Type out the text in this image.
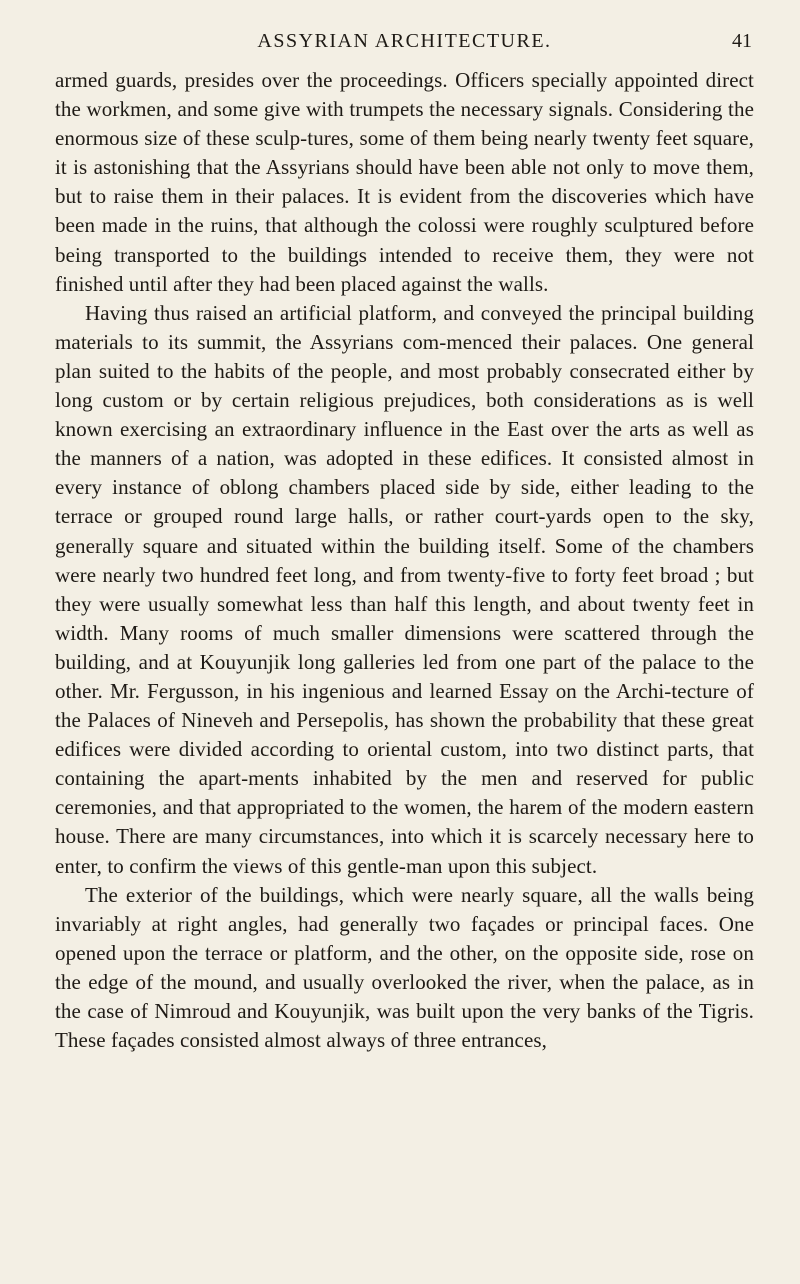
ASSYRIAN ARCHITECTURE.	41

armed guards, presides over the proceedings. Officers specially appointed direct the workmen, and some give with trumpets the necessary signals. Considering the enormous size of these sculp-tures, some of them being nearly twenty feet square, it is astonishing that the Assyrians should have been able not only to move them, but to raise them in their palaces. It is evident from the discoveries which have been made in the ruins, that although the colossi were roughly sculptured before being transported to the buildings intended to receive them, they were not finished until after they had been placed against the walls.

Having thus raised an artificial platform, and conveyed the principal building materials to its summit, the Assyrians com-menced their palaces. One general plan suited to the habits of the people, and most probably consecrated either by long custom or by certain religious prejudices, both considerations as is well known exercising an extraordinary influence in the East over the arts as well as the manners of a nation, was adopted in these edifices. It consisted almost in every instance of oblong chambers placed side by side, either leading to the terrace or grouped round large halls, or rather court-yards open to the sky, generally square and situated within the building itself. Some of the chambers were nearly two hundred feet long, and from twenty-five to forty feet broad ; but they were usually somewhat less than half this length, and about twenty feet in width. Many rooms of much smaller dimensions were scattered through the building, and at Kouyunjik long galleries led from one part of the palace to the other. Mr. Fergusson, in his ingenious and learned Essay on the Archi-tecture of the Palaces of Nineveh and Persepolis, has shown the probability that these great edifices were divided according to oriental custom, into two distinct parts, that containing the apart-ments inhabited by the men and reserved for public ceremonies, and that appropriated to the women, the harem of the modern eastern house. There are many circumstances, into which it is scarcely necessary here to enter, to confirm the views of this gentle-man upon this subject.

The exterior of the buildings, which were nearly square, all the walls being invariably at right angles, had generally two façades or principal faces. One opened upon the terrace or platform, and the other, on the opposite side, rose on the edge of the mound, and usually overlooked the river, when the palace, as in the case of Nimroud and Kouyunjik, was built upon the very banks of the Tigris. These façades consisted almost always of three entrances,
